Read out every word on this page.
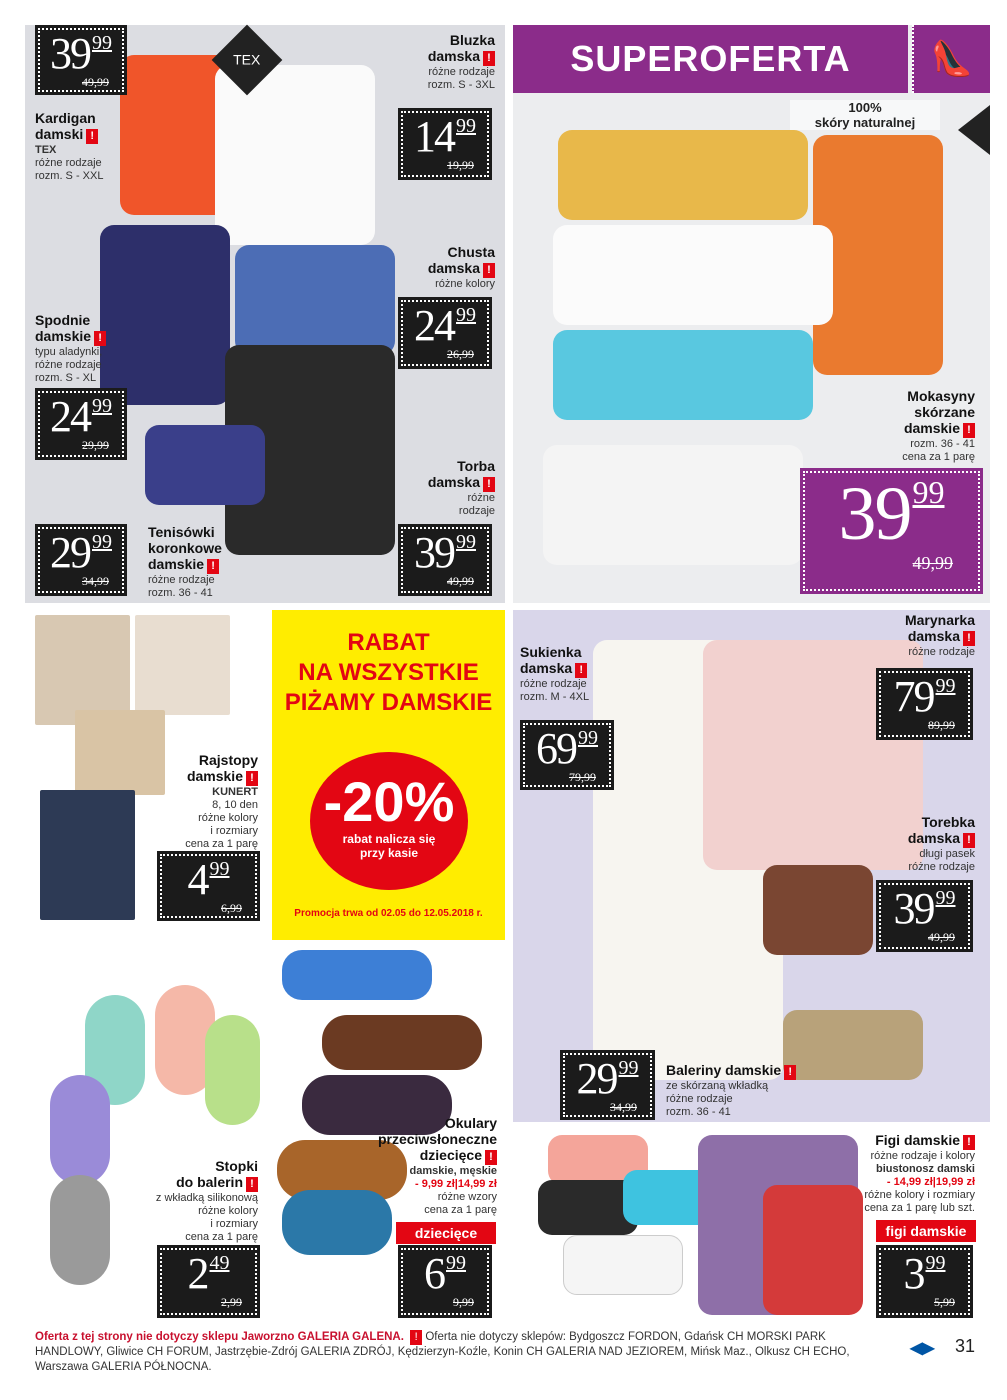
SUPEROFERTA	👠
100%
skóry naturalnej
TEX
RABAT
NA WSZYSTKIE
PIŻAMY DAMSKIE
-20%
rabat nalicza się
przy kasie
Promocja trwa od 02.05 do 12.05.2018 r.
Kardigan
damski !
TEX
różne rodzaje
rozm. S - XXL
39 99
49,99
Bluzka
damska !
różne rodzaje
rozm. S - 3XL
14 99
19,99
Chusta
damska !
różne kolory
24 99
26,99
Spodnie
damskie !
typu aladynki,
różne rodzaje
rozm. S - XL
24 99
29,99
Tenisówki
koronkowe
damskie !
różne rodzaje
rozm. 36 - 41
29 99
34,99
Torba
damska !
różne
rodzaje
39 99
49,99
Mokasyny
skórzane
damskie !
rozm. 36 - 41
cena za 1 parę
39 99
49,99
Rajstopy
damskie !
KUNERT
8, 10 den
różne kolory
i rozmiary
cena za 1 parę
4 99
6,99
Marynarka
damska !
różne rodzaje
79 99
89,99
Sukienka
damska !
różne rodzaje
rozm. M - 4XL
69 99
79,99
Torebka
damska !
długi pasek
różne rodzaje
39 99
49,99
Baleriny damskie !
ze skórzaną wkładką
różne rodzaje
rozm. 36 - 41
29 99
34,99
Stopki
do balerin !
z wkładką silikonową
różne kolory
i rozmiary
cena za 1 parę
2 49
2,99
Okulary
przeciwsłoneczne
dziecięce !
damskie, męskie
- 9,99 zł|14,99 zł
różne wzory
cena za 1 parę
6 99
9,99
dziecięce
Figi damskie !
różne rodzaje i kolory
biustonosz damski
- 14,99 zł|19,99 zł
różne kolory i rozmiary
cena za 1 parę lub szt.
3 99
5,99
figi damskie
Oferta z tej strony nie dotyczy sklepu Jaworzno GALERIA GALENA. ! Oferta nie dotyczy sklepów: Bydgoszcz FORDON, Gdańsk CH MORSKI PARK HANDLOWY, Gliwice CH FORUM, Jastrzębie-Zdrój GALERIA ZDRÓJ, Kędzierzyn-Koźle, Konin CH GALERIA NAD JEZIOREM, Mińsk Maz., Olkusz CH ECHO, Warszawa GALERIA PÓŁNOCNA.
◀▶ 31
